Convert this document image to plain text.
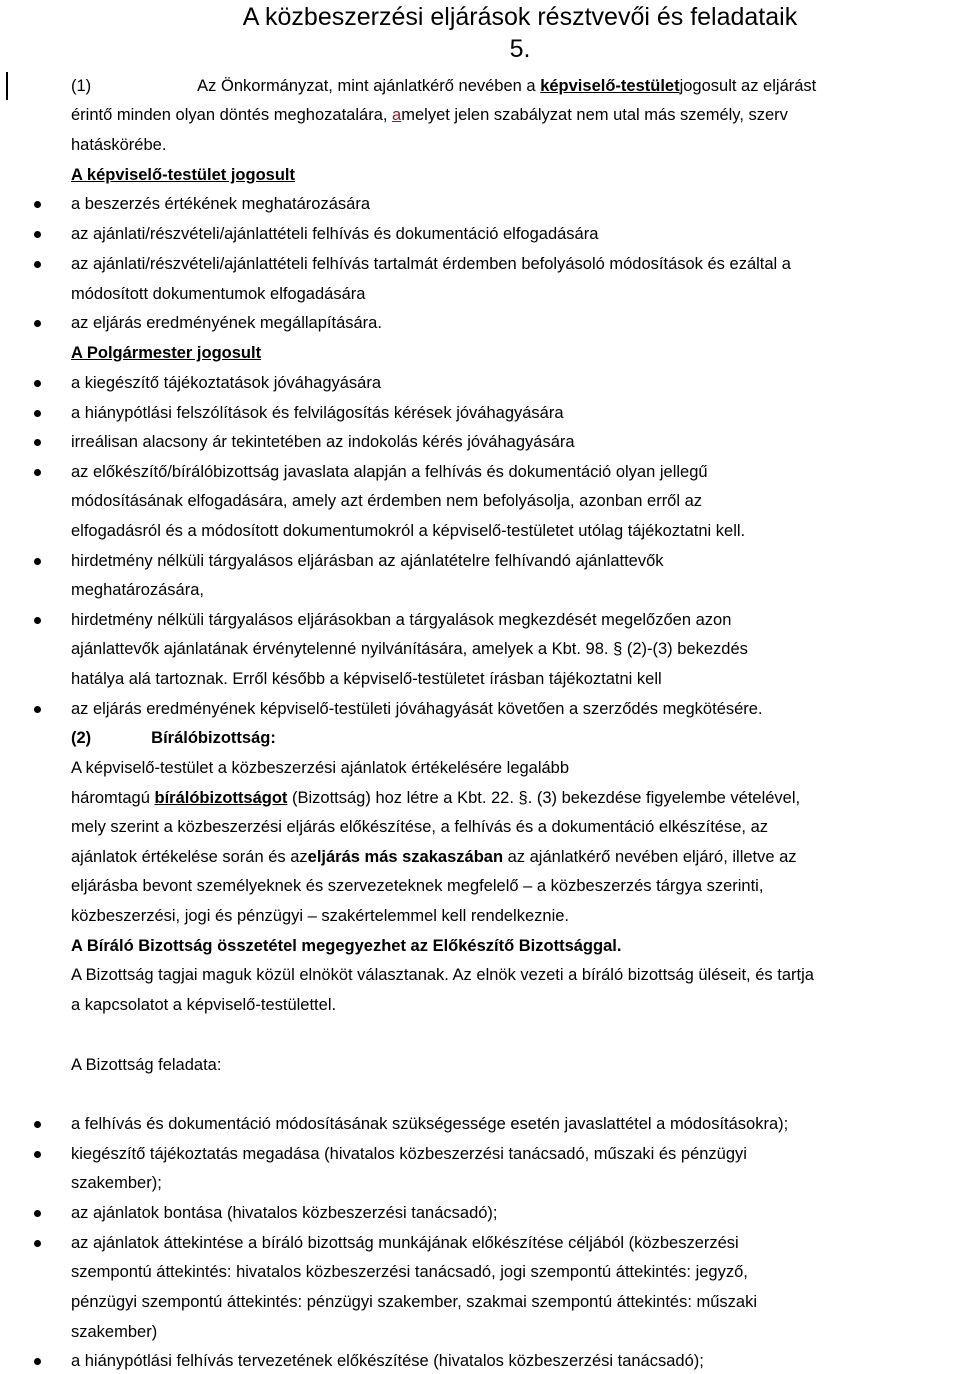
A közbeszerzési eljárások résztvevői és feladataik
5.
(1)	Az Önkormányzat, mint ajánlatkérő nevében a képviselő-testületjogosult az eljárást
érintő minden olyan döntés meghozatalára, amelyet jelen szabályzat nem utal más személy, szerv
hatáskörébe.
A képviselő-testület jogosult
a beszerzés értékének meghatározására
az ajánlati/részvételi/ajánlattételi felhívás és dokumentáció elfogadására
az ajánlati/részvételi/ajánlattételi felhívás tartalmát érdemben befolyásoló módosítások és ezáltal a
módosított dokumentumok elfogadására
az eljárás eredményének megállapítására.
A Polgármester jogosult
a kiegészítő tájékoztatások jóváhagyására
a hiánypótlási felszólítások és felvilágosítás kérések jóváhagyására
irreálisan alacsony ár tekintetében az indokolás kérés jóváhagyására
az előkészítő/bírálóbizottság javaslata alapján a felhívás és dokumentáció olyan jellegű
módosításának elfogadására, amely azt érdemben nem befolyásolja, azonban erről az
elfogadásról és a módosított dokumentumokról a képviselő-testületet utólag tájékoztatni kell.
hirdetmény nélküli tárgyalásos eljárásban az ajánlatételre felhívandó ajánlattevők
meghatározására,
hirdetmény nélküli tárgyalásos eljárásokban a tárgyalások megkezdését megelőzően azon
ajánlattevők ajánlatának érvénytelenné nyilvánítására, amelyek a Kbt. 98. § (2)-(3) bekezdés
hatálya alá tartoznak. Erről később a képviselő-testületet írásban tájékoztatni kell
az eljárás eredményének képviselő-testületi jóváhagyását követően a szerződés megkötésére.
(2)	Bírálóbizottság:
A képviselő-testület a közbeszerzési ajánlatok értékelésére legalább
háromtagú bírálóbizottságot (Bizottság) hoz létre a Kbt. 22. §. (3) bekezdése figyelembe vételével,
mely szerint a közbeszerzési eljárás előkészítése, a felhívás és a dokumentáció elkészítése, az
ajánlatok értékelése során és azeljárás más szakaszában az ajánlatkérő nevében eljáró, illetve az
eljárásba bevont személyeknek és szervezeteknek megfelelő – a közbeszerzés tárgya szerinti,
közbeszerzési, jogi és pénzügyi – szakértelemmel kell rendelkeznie.
A Bíráló Bizottság összetétel megegyezhet az Előkészítő Bizottsággal.
A Bizottság tagjai maguk közül elnököt választanak. Az elnök vezeti a bíráló bizottság üléseit, és tartja
a kapcsolatot a képviselő-testülettel.
A Bizottság feladata:
a felhívás és dokumentáció módosításának szükségessége esetén javaslattétel a módosításokra);
kiegészítő tájékoztatás megadása (hivatalos közbeszerzési tanácsadó, műszaki és pénzügyi
szakember);
az ajánlatok bontása (hivatalos közbeszerzési tanácsadó);
az ajánlatok áttekintése a bíráló bizottság munkájának előkészítése céljából (közbeszerzési
szempontú áttekintés: hivatalos közbeszerzési tanácsadó, jogi szempontú áttekintés: jegyző,
pénzügyi szempontú áttekintés: pénzügyi szakember, szakmai szempontú áttekintés: műszaki
szakember)
a hiánypótlási felhívás tervezetének előkészítése (hivatalos közbeszerzési tanácsadó);
